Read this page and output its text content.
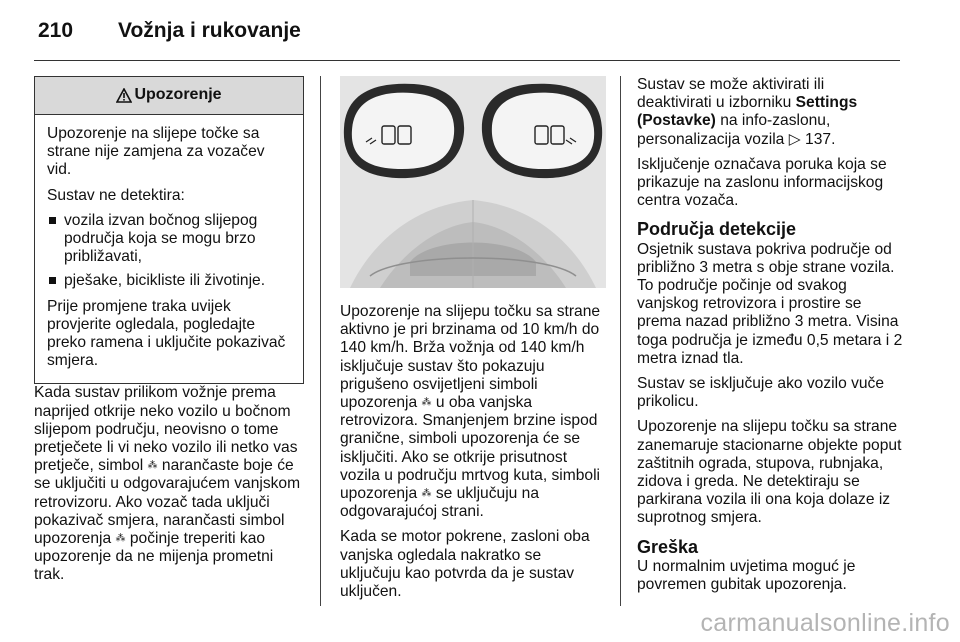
210 Vožnja i rukovanje
Upozorenje

Upozorenje na slijepe točke sa strane nije zamjena za vozačev vid.

Sustav ne detektira:

vozila izvan bočnog slijepog područja koja se mogu brzo približavati,
pješake, bicikliste ili životinje.

Prije promjene traka uvijek provjerite ogledala, pogledajte preko ramena i uključite pokazivač smjera.

Kada sustav prilikom vožnje prema naprijed otkrije neko vozilo u bočnom slijepom području, neovisno o tome pretječete li vi neko vozilo ili netko vas pretječe, simbol ⁂ narančaste boje će se uključiti u odgovarajućem vanjskom retrovizoru. Ako vozač tada uključi pokazivač smjera, narančasti simbol upozorenja ⁂ počinje treperiti kao upozorenje da ne mijenja prometni trak.

Upozorenje na slijepu točku sa strane aktivno je pri brzinama od 10 km/h do 140 km/h. Brža vožnja od 140 km/h isključuje sustav što pokazuju prigušeno osvijetljeni simboli upozorenja ⁂ u oba vanjska retrovizora. Smanjenjem brzine ispod granične, simboli upozorenja će se isključiti. Ako se otkrije prisutnost vozila u području mrtvog kuta, simboli upozorenja ⁂ se uključuju na odgovarajućoj strani.

Kada se motor pokrene, zasloni oba vanjska ogledala nakratko se uključuju kao potvrda da je sustav uključen.

Sustav se može aktivirati ili deaktivirati u izborniku Settings (Postavke) na info-zaslonu, personalizacija vozila ▷ 137.

Isključenje označava poruka koja se prikazuje na zaslonu informacijskog centra vozača.

Područja detekcije

Osjetnik sustava pokriva područje od približno 3 metra s obje strane vozila. To područje počinje od svakog vanjskog retrovizora i prostire se prema nazad približno 3 metra. Visina toga područja je između 0,5 metara i 2 metra iznad tla.

Sustav se isključuje ako vozilo vuče prikolicu.

Upozorenje na slijepu točku sa strane zanemaruje stacionarne objekte poput zaštitnih ograda, stupova, rubnjaka, zidova i greda. Ne detektiraju se parkirana vozila ili ona koja dolaze iz suprotnog smjera.

Greška

U normalnim uvjetima moguć je povremen gubitak upozorenja.

carmanualsonline.info
